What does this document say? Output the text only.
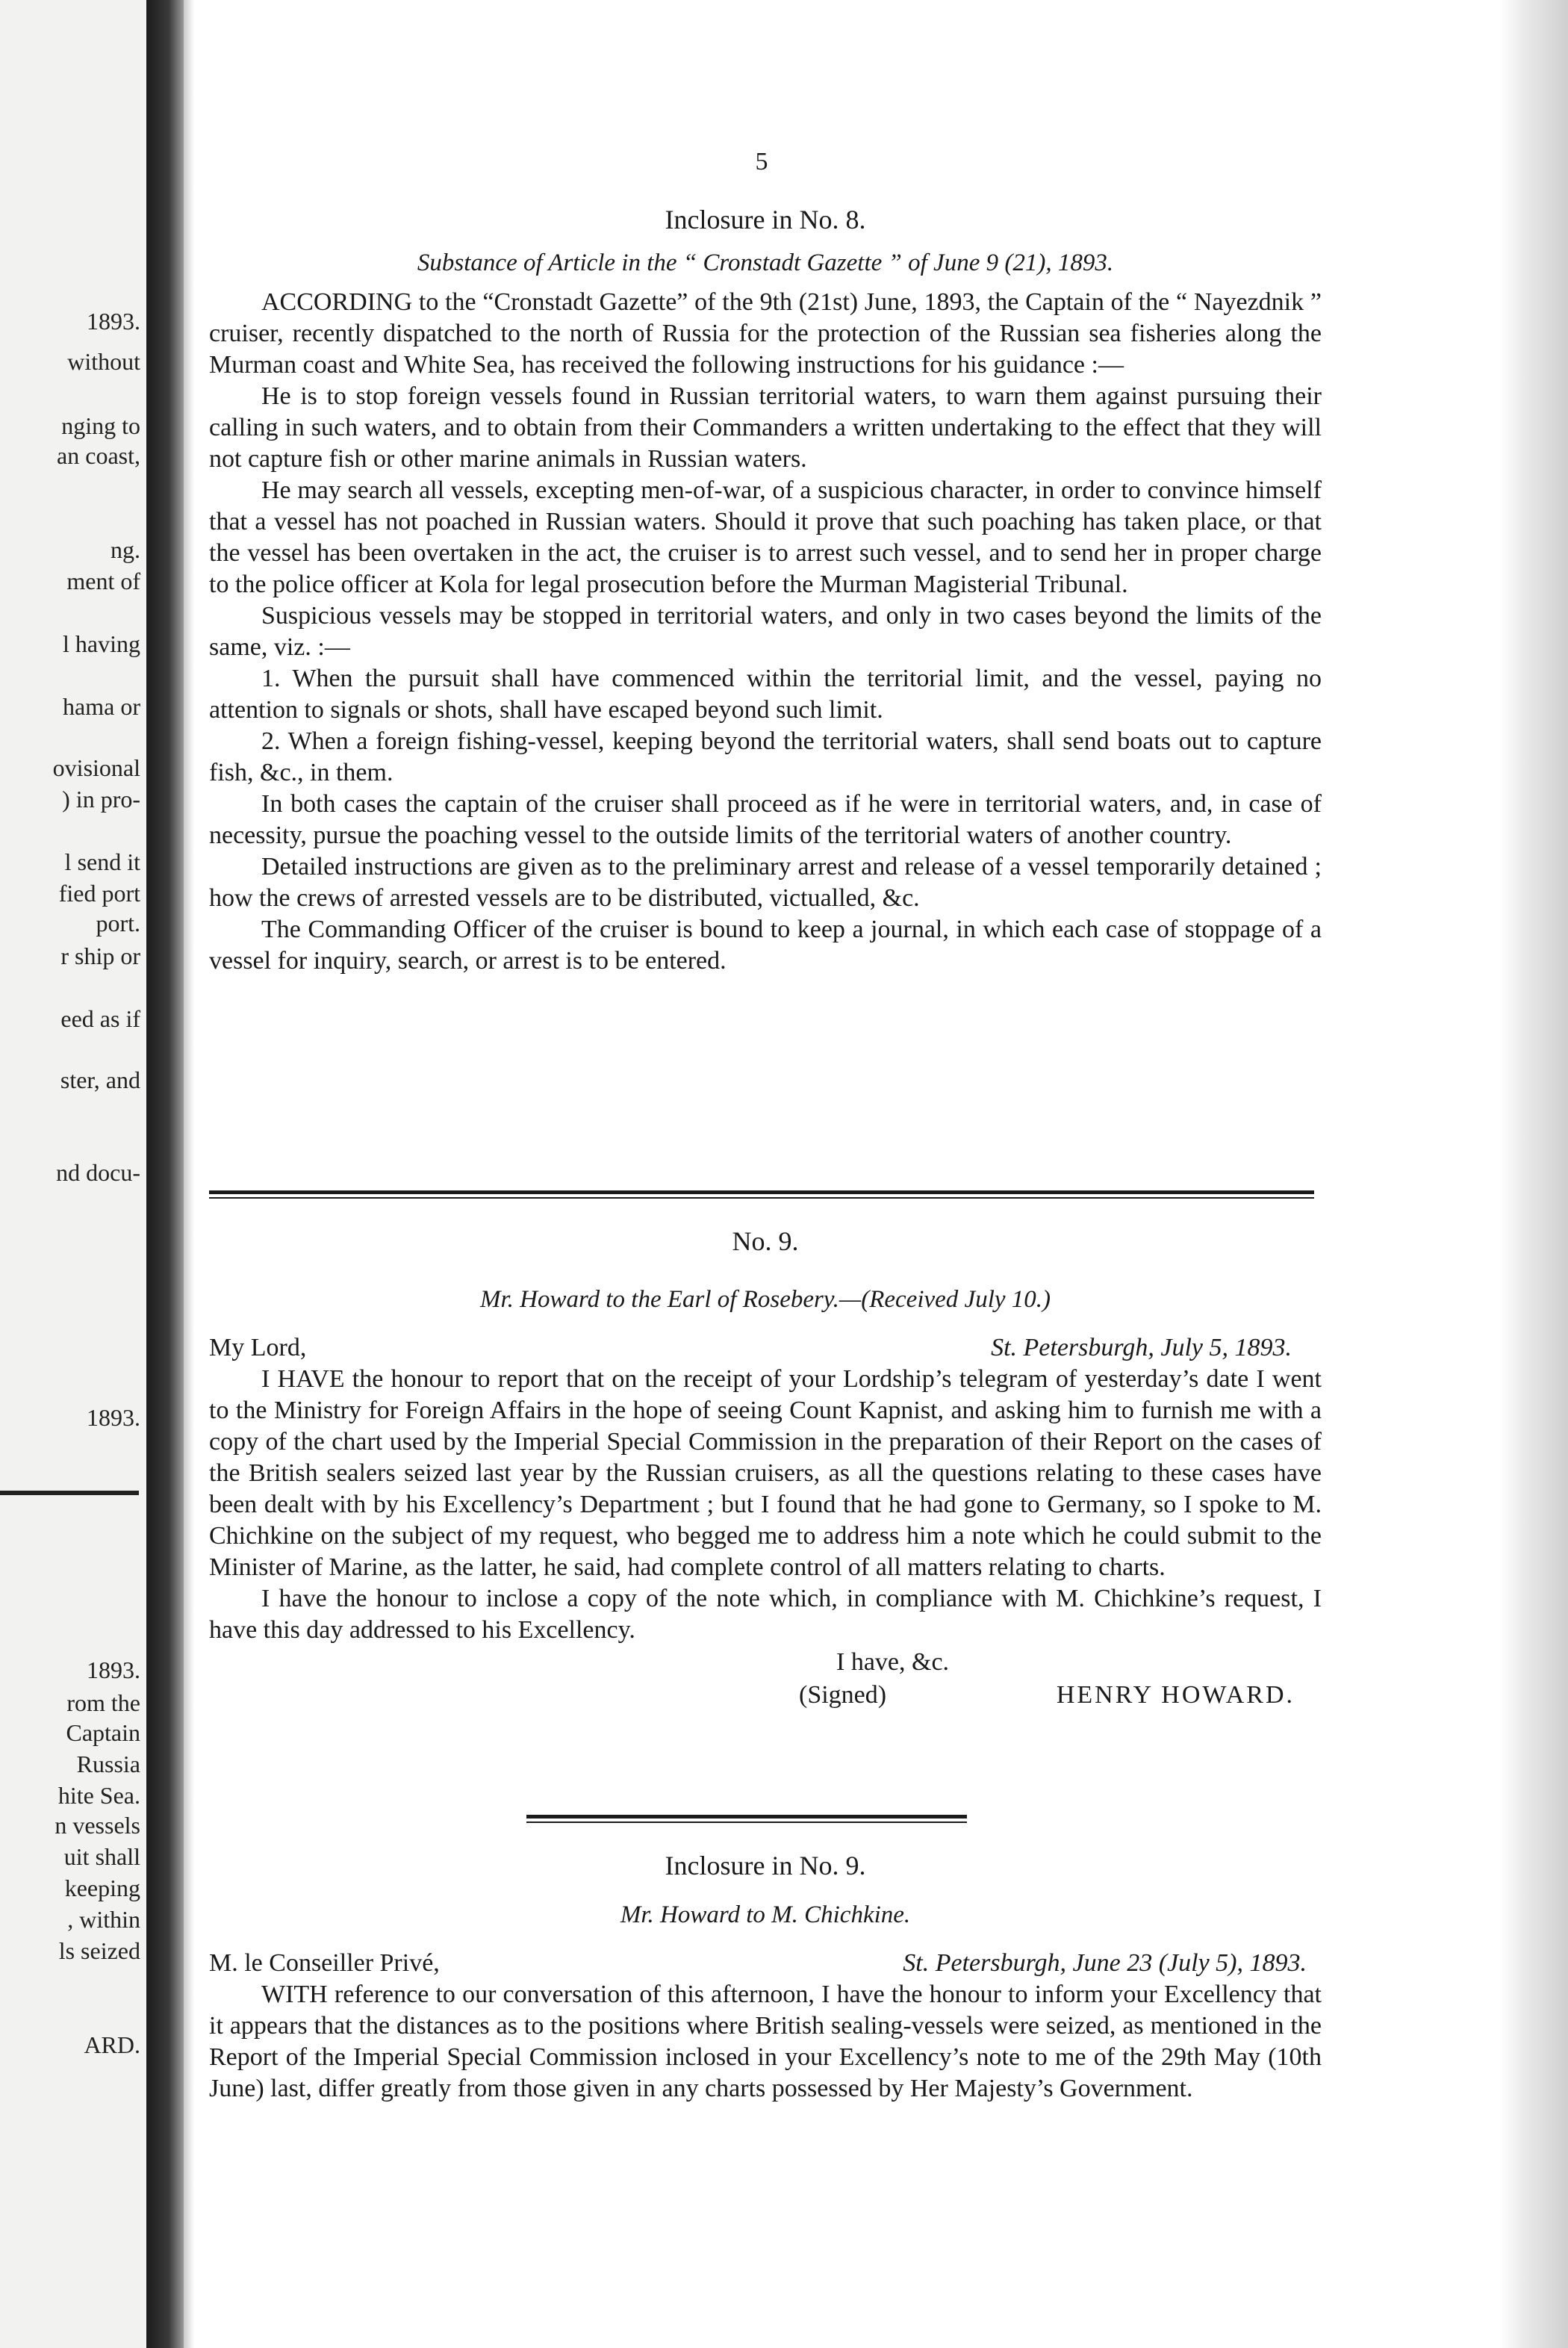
1893.
without
nging to
an coast,
ng.
ment of
l having
hama or
ovisional
) in pro-
l send it
fied port
port.
r ship or
eed as if
ster, and
nd docu-
1893.
1893.
rom the
Captain
Russia
hite Sea.
n vessels
uit shall
keeping
, within
ls seized
ARD.
5
Inclosure in No. 8.
Substance of Article in the “ Cronstadt Gazette ” of June 9 (21), 1893.

ACCORDING to the “Cronstadt Gazette” of the 9th (21st) June, 1893, the Captain of the “ Nayezdnik ” cruiser, recently dispatched to the north of Russia for the protection of the Russian sea fisheries along the Murman coast and White Sea, has received the following instructions for his guidance :—

He is to stop foreign vessels found in Russian territorial waters, to warn them against pursuing their calling in such waters, and to obtain from their Commanders a written undertaking to the effect that they will not capture fish or other marine animals in Russian waters.

He may search all vessels, excepting men-of-war, of a suspicious character, in order to convince himself that a vessel has not poached in Russian waters. Should it prove that such poaching has taken place, or that the vessel has been overtaken in the act, the cruiser is to arrest such vessel, and to send her in proper charge to the police officer at Kola for legal prosecution before the Murman Magisterial Tribunal.

Suspicious vessels may be stopped in territorial waters, and only in two cases beyond the limits of the same, viz. :—

1. When the pursuit shall have commenced within the territorial limit, and the vessel, paying no attention to signals or shots, shall have escaped beyond such limit.

2. When a foreign fishing-vessel, keeping beyond the territorial waters, shall send boats out to capture fish, &c., in them.

In both cases the captain of the cruiser shall proceed as if he were in territorial waters, and, in case of necessity, pursue the poaching vessel to the outside limits of the territorial waters of another country.

Detailed instructions are given as to the preliminary arrest and release of a vessel temporarily detained ; how the crews of arrested vessels are to be distributed, victualled, &c.

The Commanding Officer of the cruiser is bound to keep a journal, in which each case of stoppage of a vessel for inquiry, search, or arrest is to be entered.

No. 9.
Mr. Howard to the Earl of Rosebery.—(Received July 10.)
My Lord,	St. Petersburgh, July 5, 1893.

I HAVE the honour to report that on the receipt of your Lordship’s telegram of yesterday’s date I went to the Ministry for Foreign Affairs in the hope of seeing Count Kapnist, and asking him to furnish me with a copy of the chart used by the Imperial Special Commission in the preparation of their Report on the cases of the British sealers seized last year by the Russian cruisers, as all the questions relating to these cases have been dealt with by his Excellency’s Department ; but I found that he had gone to Germany, so I spoke to M. Chichkine on the subject of my request, who begged me to address him a note which he could submit to the Minister of Marine, as the latter, he said, had complete control of all matters relating to charts.

I have the honour to inclose a copy of the note which, in compliance with M. Chichkine’s request, I have this day addressed to his Excellency.

I have, &c.
(Signed)	HENRY HOWARD.
Inclosure in No. 9.
Mr. Howard to M. Chichkine.
M. le Conseiller Privé,	St. Petersburgh, June 23 (July 5), 1893.

WITH reference to our conversation of this afternoon, I have the honour to inform your Excellency that it appears that the distances as to the positions where British sealing-vessels were seized, as mentioned in the Report of the Imperial Special Commission inclosed in your Excellency’s note to me of the 29th May (10th June) last, differ greatly from those given in any charts possessed by Her Majesty’s Government.
